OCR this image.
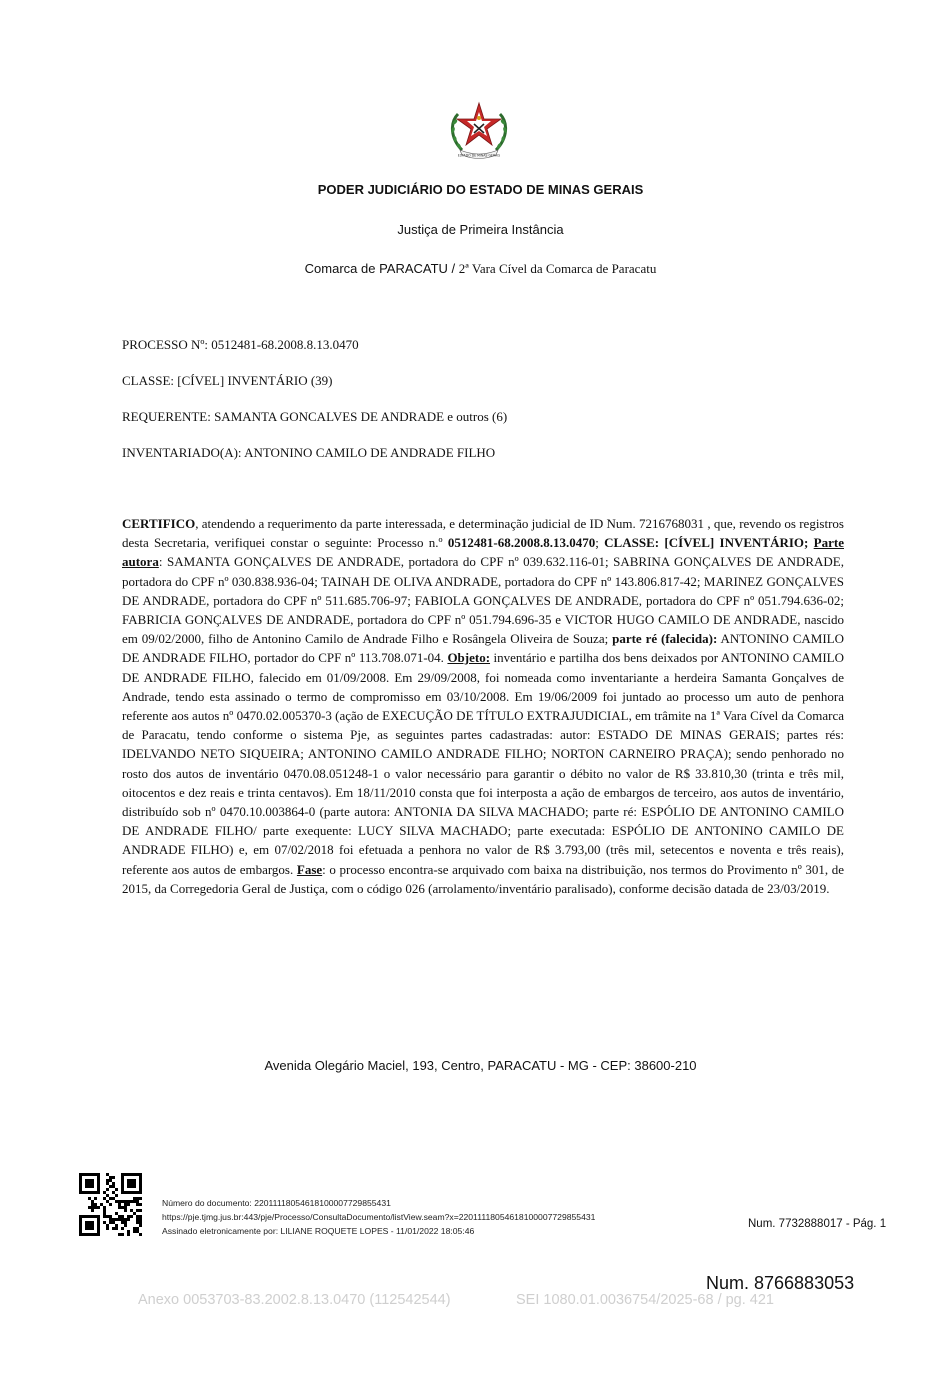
ESTADO DE MINAS GERAIS
PODER JUDICIÁRIO DO ESTADO DE MINAS GERAIS
Justiça de Primeira Instância
Comarca de PARACATU / 2ª Vara Cível da Comarca de Paracatu
PROCESSO Nº: 0512481-68.2008.8.13.0470
CLASSE: [CÍVEL] INVENTÁRIO (39)
REQUERENTE: SAMANTA GONCALVES DE ANDRADE e outros (6)
INVENTARIADO(A): ANTONINO CAMILO DE ANDRADE FILHO
CERTIFICO, atendendo a requerimento da parte interessada, e determinação judicial de ID Num. 7216768031 , que, revendo os registros desta Secretaria, verifiquei constar o seguinte: Processo n.º 0512481-68.2008.8.13.0470; CLASSE: [CÍVEL] INVENTÁRIO; Parte autora: SAMANTA GONÇALVES DE ANDRADE, portadora do CPF nº 039.632.116-01; SABRINA GONÇALVES DE ANDRADE, portadora do CPF nº 030.838.936-04; TAINAH DE OLIVA ANDRADE, portadora do CPF nº 143.806.817-42; MARINEZ GONÇALVES DE ANDRADE, portadora do CPF nº 511.685.706-97; FABIOLA GONÇALVES DE ANDRADE, portadora do CPF nº 051.794.636-02; FABRICIA GONÇALVES DE ANDRADE, portadora do CPF nº 051.794.696-35 e VICTOR HUGO CAMILO DE ANDRADE, nascido em 09/02/2000, filho de Antonino Camilo de Andrade Filho e Rosângela Oliveira de Souza; parte ré (falecida): ANTONINO CAMILO DE ANDRADE FILHO, portador do CPF nº 113.708.071-04. Objeto: inventário e partilha dos bens deixados por ANTONINO CAMILO DE ANDRADE FILHO, falecido em 01/09/2008. Em 29/09/2008, foi nomeada como inventariante a herdeira Samanta Gonçalves de Andrade, tendo esta assinado o termo de compromisso em 03/10/2008. Em 19/06/2009 foi juntado ao processo um auto de penhora referente aos autos nº 0470.02.005370-3 (ação de EXECUÇÃO DE TÍTULO EXTRAJUDICIAL, em trâmite na 1ª Vara Cível da Comarca de Paracatu, tendo conforme o sistema Pje, as seguintes partes cadastradas: autor: ESTADO DE MINAS GERAIS; partes rés: IDELVANDO NETO SIQUEIRA; ANTONINO CAMILO ANDRADE FILHO; NORTON CARNEIRO PRAÇA); sendo penhorado no rosto dos autos de inventário 0470.08.051248-1 o valor necessário para garantir o débito no valor de R$ 33.810,30 (trinta e três mil, oitocentos e dez reais e trinta centavos). Em 18/11/2010 consta que foi interposta a ação de embargos de terceiro, aos autos de inventário, distribuído sob nº 0470.10.003864-0 (parte autora: ANTONIA DA SILVA MACHADO; parte ré: ESPÓLIO DE ANTONINO CAMILO DE ANDRADE FILHO/ parte exequente: LUCY SILVA MACHADO; parte executada: ESPÓLIO DE ANTONINO CAMILO DE ANDRADE FILHO) e, em 07/02/2018 foi efetuada a penhora no valor de R$ 3.793,00 (três mil, setecentos e noventa e três reais), referente aos autos de embargos. Fase: o processo encontra-se arquivado com baixa na distribuição, nos termos do Provimento nº 301, de 2015, da Corregedoria Geral de Justiça, com o código 026 (arrolamento/inventário paralisado), conforme decisão datada de 23/03/2019.
Avenida Olegário Maciel, 193, Centro, PARACATU - MG - CEP: 38600-210
Número do documento: 22011118054618100007729855431
https://pje.tjmg.jus.br:443/pje/Processo/ConsultaDocumento/listView.seam?x=22011118054618100007729855431
Assinado eletronicamente por: LILIANE ROQUETE LOPES - 11/01/2022 18:05:46
Num. 7732888017 - Pág. 1
Num. 8766883053
Anexo 0053703-83.2002.8.13.0470 (112542544)	SEI 1080.01.0036754/2025-68 / pg. 421
